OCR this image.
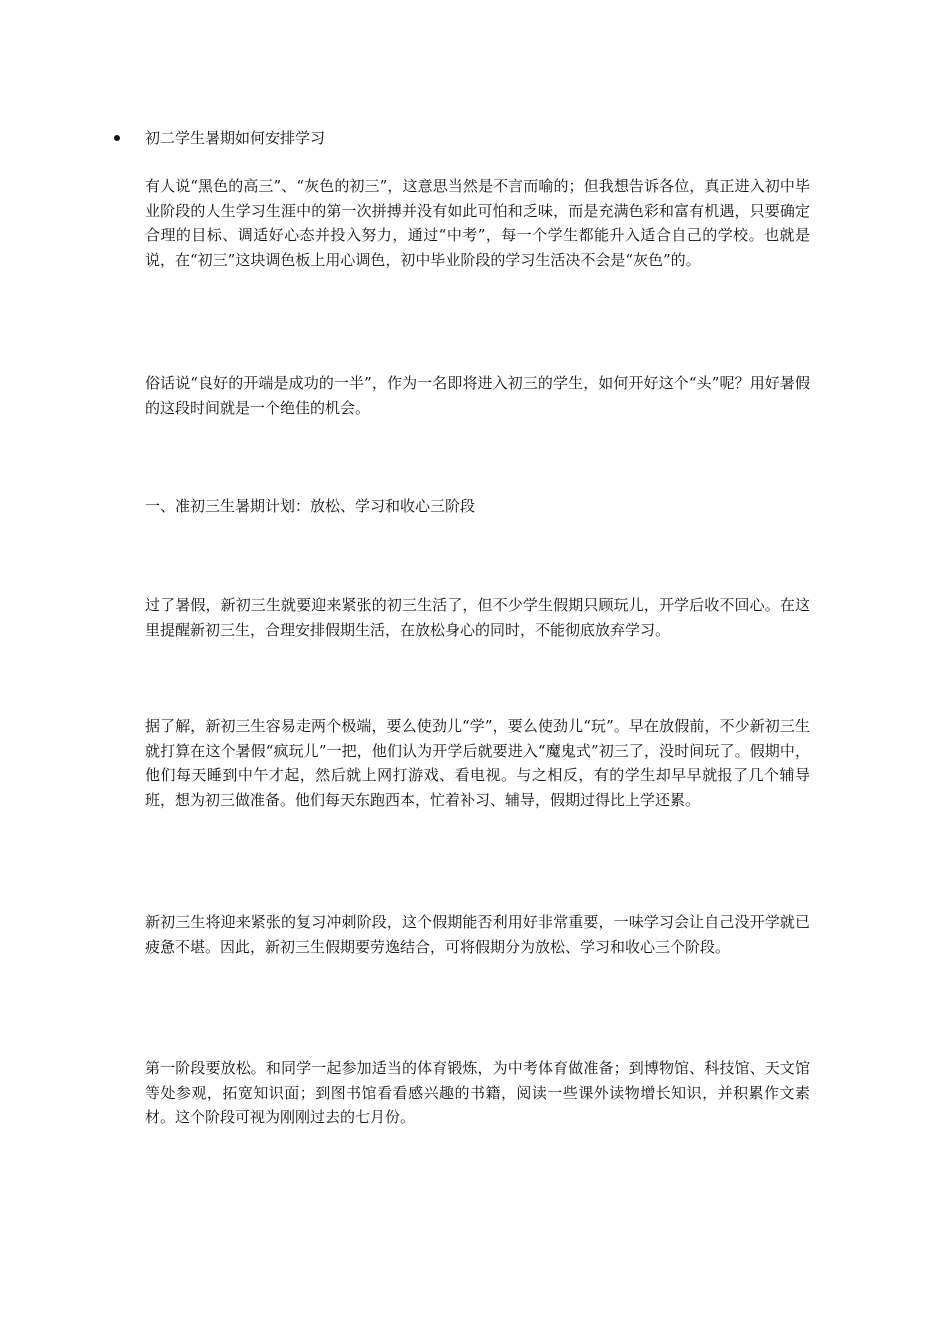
初二学生暑期如何安排学习

有人说“黑色的高三”、“灰色的初三”，这意思当然是不言而喻的；但我想告诉各位，真正进入初中毕业阶段的人生学习生涯中的第一次拼搏并没有如此可怕和乏味，而是充满色彩和富有机遇，只要确定合理的目标、调适好心态并投入努力，通过“中考”，每一个学生都能升入适合自己的学校。也就是说，在“初三”这块调色板上用心调色，初中毕业阶段的学习生活决不会是“灰色”的。

俗话说“良好的开端是成功的一半”，作为一名即将进入初三的学生，如何开好这个“头”呢？用好暑假的这段时间就是一个绝佳的机会。

一、准初三生暑期计划：放松、学习和收心三阶段

过了暑假，新初三生就要迎来紧张的初三生活了，但不少学生假期只顾玩儿，开学后收不回心。在这里提醒新初三生，合理安排假期生活，在放松身心的同时，不能彻底放弃学习。

据了解，新初三生容易走两个极端，要么使劲儿“学”，要么使劲儿“玩”。早在放假前，不少新初三生就打算在这个暑假“疯玩儿”一把，他们认为开学后就要进入“魔鬼式”初三了，没时间玩了。假期中，他们每天睡到中午才起，然后就上网打游戏、看电视。与之相反，有的学生却早早就报了几个辅导班，想为初三做准备。他们每天东跑西本，忙着补习、辅导，假期过得比上学还累。

新初三生将迎来紧张的复习冲刺阶段，这个假期能否利用好非常重要，一味学习会让自己没开学就已疲惫不堪。因此，新初三生假期要劳逸结合，可将假期分为放松、学习和收心三个阶段。

第一阶段要放松。和同学一起参加适当的体育锻炼，为中考体育做准备；到博物馆、科技馆、天文馆等处参观，拓宽知识面；到图书馆看看感兴趣的书籍，阅读一些课外读物增长知识，并积累作文素材。这个阶段可视为刚刚过去的七月份。
